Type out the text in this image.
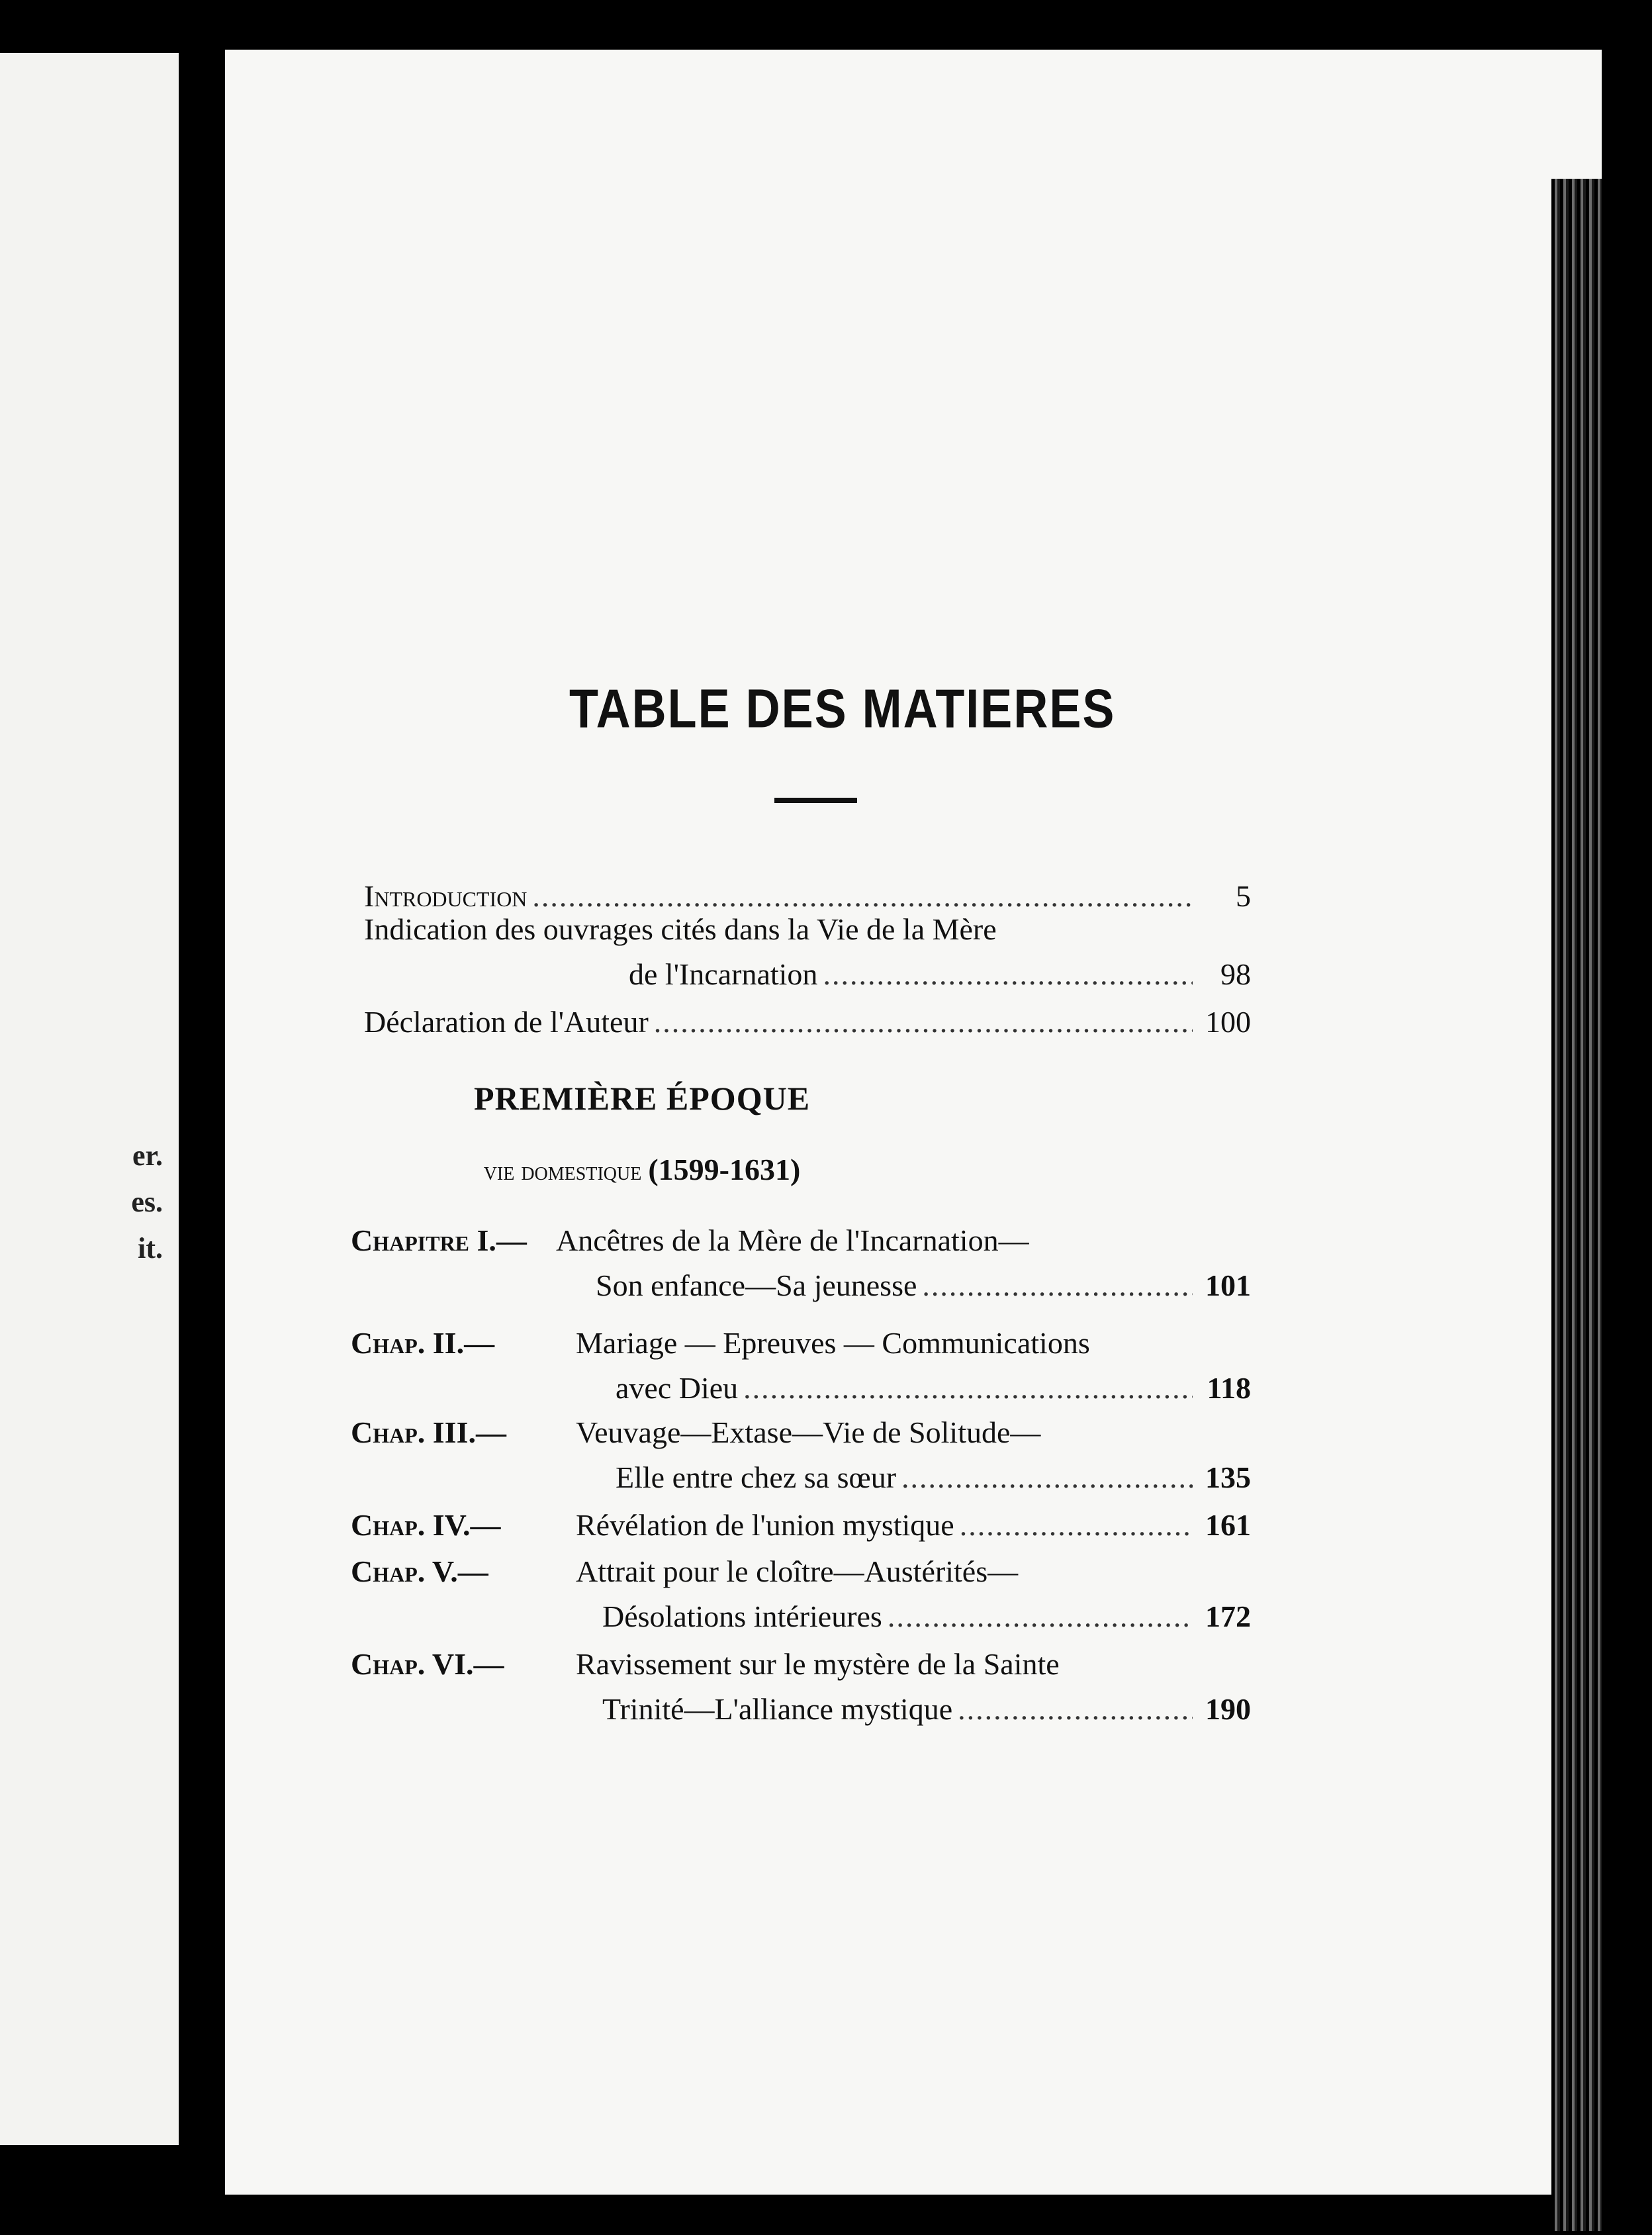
er.
es.
it.
TABLE DES MATIERES
Introduction .....	5
Indication des ouvrages cités dans la Vie de la Mère
de l'Incarnation .....	98
Déclaration de l'Auteur .....	100
PREMIÈRE ÉPOQUE
vie domestique (1599-1631)
Chapitre I.— Ancêtres de la Mère de l'Incarnation—
Son enfance—Sa jeunesse .....	101
Chap. II.—	Mariage — Epreuves — Communications
avec Dieu .....	118
Chap. III.— Veuvage—Extase—Vie de Solitude—
Elle entre chez sa sœur .....	135
Chap. IV.— Révélation de l'union mystique .....	161
Chap. V.—	Attrait pour le cloître—Austérités—
Désolations intérieures .....	172
Chap. VI.— Ravissement sur le mystère de la Sainte
Trinité—L'alliance mystique .....	190
